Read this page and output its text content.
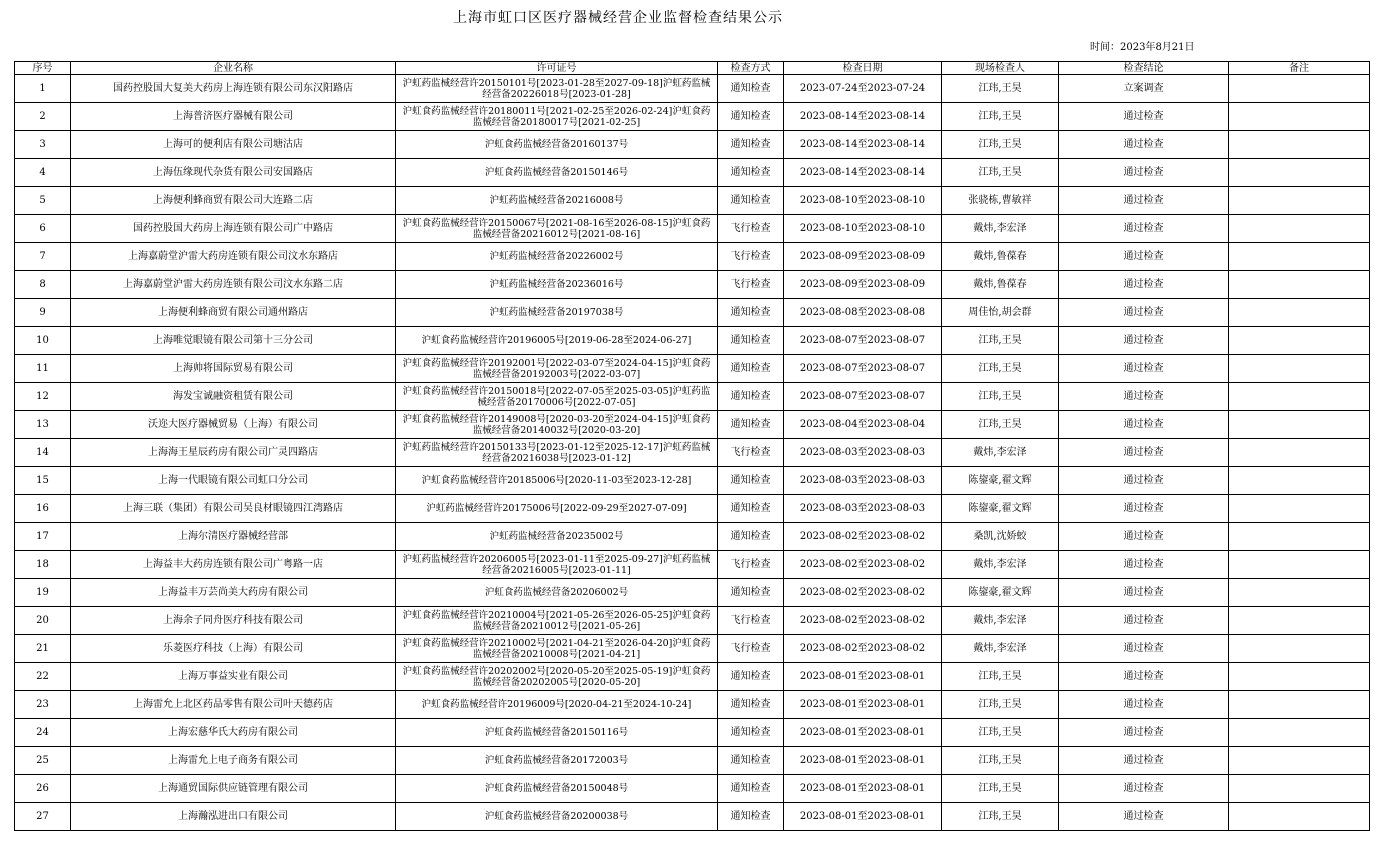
上海市虹口区医疗器械经营企业监督检查结果公示
时间：2023年8月21日
序号	企业名称	许可证号	检查方式	检查日期	现场检查人	检查结论	备注
1	国药控股国大复美大药房上海连锁有限公司东汉阳路店	沪虹药监械经营许20150101号[2023-01-28至2027-09-18]沪虹药监械经营备20226018号[2023-01-28]	通知检查	2023-07-24至2023-07-24	江玮,王昊	立案调查	
2	上海普济医疗器械有限公司	沪虹食药监械经营许20180011号[2021-02-25至2026-02-24]沪虹食药监械经营备20180017号[2021-02-25]	通知检查	2023-08-14至2023-08-14	江玮,王昊	通过检查	
3	上海可的便利店有限公司塘沽店	沪虹食药监械经营备20160137号	通知检查	2023-08-14至2023-08-14	江玮,王昊	通过检查	
4	上海伍缘现代杂货有限公司安国路店	沪虹食药监械经营备20150146号	通知检查	2023-08-14至2023-08-14	江玮,王昊	通过检查	
5	上海便利蜂商贸有限公司大连路二店	沪虹药监械经营备20216008号	通知检查	2023-08-10至2023-08-10	张骁栋,曹敏祥	通过检查	
6	国药控股国大药房上海连锁有限公司广中路店	沪虹食药监械经营许20150067号[2021-08-16至2026-08-15]沪虹食药监械经营备20216012号[2021-08-16]	飞行检查	2023-08-10至2023-08-10	戴炜,李宏泽	通过检查	
7	上海嘉蔚堂沪雷大药房连锁有限公司汶水东路店	沪虹药监械经营备20226002号	飞行检查	2023-08-09至2023-08-09	戴炜,鲁葆春	通过检查	
8	上海嘉蔚堂沪雷大药房连锁有限公司汶水东路二店	沪虹药监械经营备20236016号	飞行检查	2023-08-09至2023-08-09	戴炜,鲁葆春	通过检查	
9	上海便利蜂商贸有限公司通州路店	沪虹药监械经营备20197038号	通知检查	2023-08-08至2023-08-08	周佳怡,胡会群	通过检查	
10	上海唯觉眼镜有限公司第十三分公司	沪虹食药监械经营许20196005号[2019-06-28至2024-06-27]	通知检查	2023-08-07至2023-08-07	江玮,王昊	通过检查	
11	上海帅将国际贸易有限公司	沪虹食药监械经营许20192001号[2022-03-07至2024-04-15]沪虹食药监械经营备20192003号[2022-03-07]	通知检查	2023-08-07至2023-08-07	江玮,王昊	通过检查	
12	海发宝诚融资租赁有限公司	沪虹食药监械经营许20150018号[2022-07-05至2025-03-05]沪虹药监械经营备20170006号[2022-07-05]	通知检查	2023-08-07至2023-08-07	江玮,王昊	通过检查	
13	沃迩大医疗器械贸易（上海）有限公司	沪虹食药监械经营许20149008号[2020-03-20至2024-04-15]沪虹食药监械经营备20140032号[2020-03-20]	通知检查	2023-08-04至2023-08-04	江玮,王昊	通过检查	
14	上海海王星辰药房有限公司广灵四路店	沪虹药监械经营许20150133号[2023-01-12至2025-12-17]沪虹药监械经营备20216038号[2023-01-12]	飞行检查	2023-08-03至2023-08-03	戴炜,李宏泽	通过检查	
15	上海一代眼镜有限公司虹口分公司	沪虹食药监械经营许20185006号[2020-11-03至2023-12-28]	通知检查	2023-08-03至2023-08-03	陈鋆豪,翟文辉	通过检查	
16	上海三联（集团）有限公司吴良材眼镜四江湾路店	沪虹药监械经营许20175006号[2022-09-29至2027-07-09]	通知检查	2023-08-03至2023-08-03	陈鋆豪,翟文辉	通过检查	
17	上海尔清医疗器械经营部	沪虹药监械经营备20235002号	通知检查	2023-08-02至2023-08-02	桑凯,沈娇蛟	通过检查	
18	上海益丰大药房连锁有限公司广粤路一店	沪虹药监械经营许20206005号[2023-01-11至2025-09-27]沪虹药监械经营备20216005号[2023-01-11]	飞行检查	2023-08-02至2023-08-02	戴炜,李宏泽	通过检查	
19	上海益丰万芸尚美大药房有限公司	沪虹食药监械经营备20206002号	通知检查	2023-08-02至2023-08-02	陈鋆豪,翟文辉	通过检查	
20	上海余子同舟医疗科技有限公司	沪虹食药监械经营许20210004号[2021-05-26至2026-05-25]沪虹食药监械经营备20210012号[2021-05-26]	飞行检查	2023-08-02至2023-08-02	戴炜,李宏泽	通过检查	
21	乐菱医疗科技（上海）有限公司	沪虹食药监械经营许20210002号[2021-04-21至2026-04-20]沪虹食药监械经营备20210008号[2021-04-21]	飞行检查	2023-08-02至2023-08-02	戴炜,李宏泽	通过检查	
22	上海万事益实业有限公司	沪虹食药监械经营许20202002号[2020-05-20至2025-05-19]沪虹食药监械经营备20202005号[2020-05-20]	通知检查	2023-08-01至2023-08-01	江玮,王昊	通过检查	
23	上海雷允上北区药品零售有限公司叶天德药店	沪虹食药监械经营许20196009号[2020-04-21至2024-10-24]	通知检查	2023-08-01至2023-08-01	江玮,王昊	通过检查	
24	上海宏慈华氏大药房有限公司	沪虹食药监械经营备20150116号	通知检查	2023-08-01至2023-08-01	江玮,王昊	通过检查	
25	上海雷允上电子商务有限公司	沪虹食药监械经营备20172003号	通知检查	2023-08-01至2023-08-01	江玮,王昊	通过检查	
26	上海通贸国际供应链管理有限公司	沪虹食药监械经营备20150048号	通知检查	2023-08-01至2023-08-01	江玮,王昊	通过检查	
27	上海瀚泓进出口有限公司	沪虹食药监械经营备20200038号	通知检查	2023-08-01至2023-08-01	江玮,王昊	通过检查	
